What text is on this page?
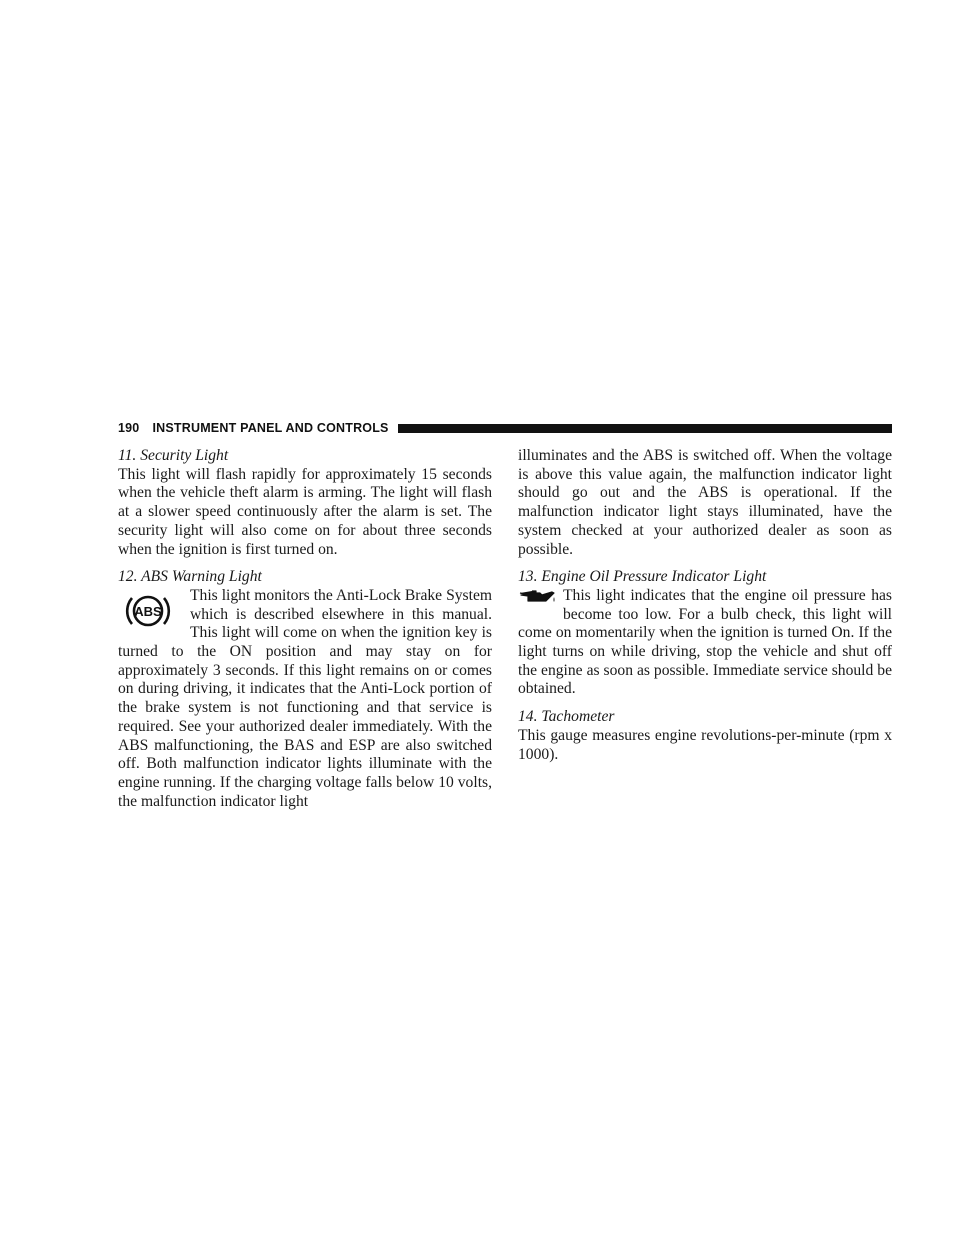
190 INSTRUMENT PANEL AND CONTROLS
11. Security Light

This light will flash rapidly for approximately 15 seconds when the vehicle theft alarm is arming. The light will flash at a slower speed continuously after the alarm is set. The security light will also come on for about three seconds when the ignition is first turned on.

12. ABS Warning Light
ABS

This light monitors the Anti-Lock Brake System which is described elsewhere in this manual. This light will come on when the ignition key is turned to the ON position and may stay on for approximately 3 seconds. If this light remains on or comes on during driving, it indicates that the Anti-Lock portion of the brake system is not functioning and that service is required. See your authorized dealer immediately. With the ABS malfunctioning, the BAS and ESP are also switched off. Both malfunction indicator lights illuminate with the engine running. If the charging voltage falls below 10 volts, the malfunction indicator light

illuminates and the ABS is switched off. When the voltage is above this value again, the malfunction indicator light should go out and the ABS is operational. If the malfunction indicator light stays illuminated, have the system checked at your authorized dealer as soon as possible.

13. Engine Oil Pressure Indicator Light

This light indicates that the engine oil pressure has become too low. For a bulb check, this light will come on momentarily when the ignition is turned On. If the light turns on while driving, stop the vehicle and shut off the engine as soon as possible. Immediate service should be obtained.

14. Tachometer

This gauge measures engine revolutions-per-minute (rpm x 1000).
